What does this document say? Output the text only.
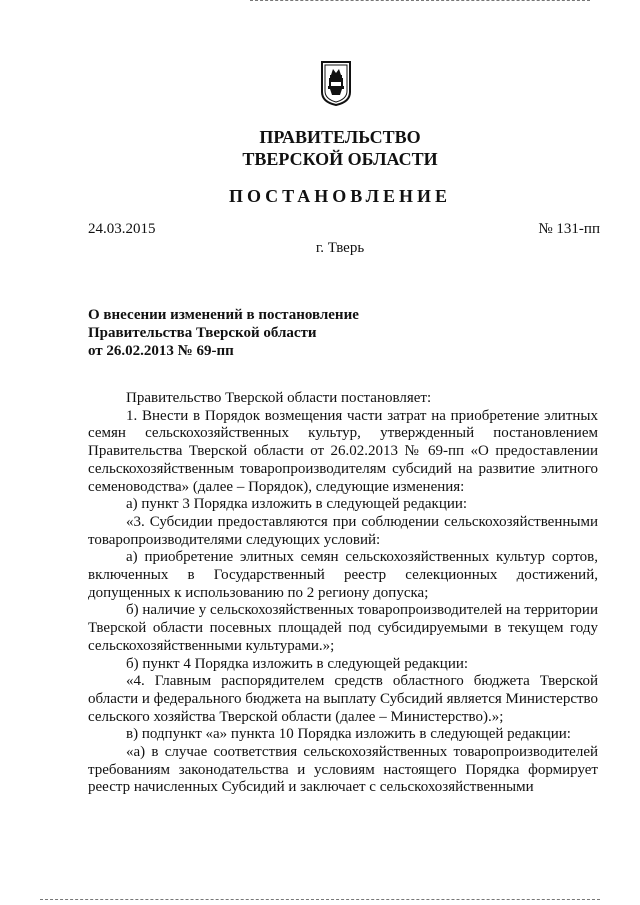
ПРАВИТЕЛЬСТВО
ТВЕРСКОЙ ОБЛАСТИ
ПОСТАНОВЛЕНИЕ
24.03.2015	№ 131-пп
г. Тверь
О внесении изменений в постановление
Правительства Тверской области
от 26.02.2013 № 69-пп

Правительство Тверской области постановляет:

1. Внести в Порядок возмещения части затрат на приобретение элитных семян сельскохозяйственных культур, утвержденный постановлением Правительства Тверской области от 26.02.2013 № 69-пп «О предоставлении сельскохозяйственным товаропроизводителям субсидий на развитие элитного семеноводства» (далее – Порядок), следующие изменения:

а) пункт 3 Порядка изложить в следующей редакции:

«3. Субсидии предоставляются при соблюдении сельскохозяйственными товаропроизводителями следующих условий:

а) приобретение элитных семян сельскохозяйственных культур сортов, включенных в Государственный реестр селекционных достижений, допущенных к использованию по 2 региону допуска;

б) наличие у сельскохозяйственных товаропроизводителей на территории Тверской области посевных площадей под субсидируемыми в текущем году сельскохозяйственными культурами.»;

б) пункт 4 Порядка изложить в следующей редакции:

«4. Главным распорядителем средств областного бюджета Тверской области и федерального бюджета на выплату Субсидий является Министерство сельского хозяйства Тверской области (далее – Министерство).»;

в) подпункт «а» пункта 10 Порядка изложить в следующей редакции:

«а) в случае соответствия сельскохозяйственных товаропроизводителей требованиям законодательства и условиям настоящего Порядка формирует реестр начисленных Субсидий и заключает с сельскохозяйственными
